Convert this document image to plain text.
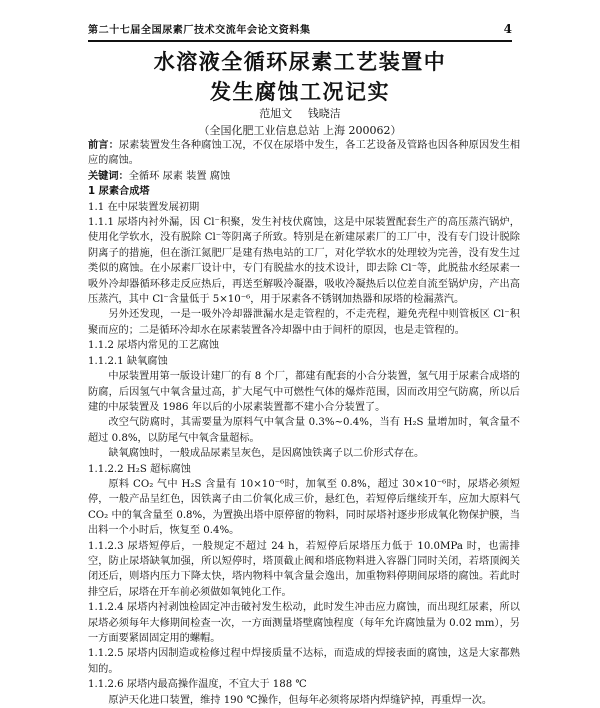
第二十七届全国尿素厂技术交流年会论文资料集	4
水溶液全循环尿素工艺装置中
发生腐蚀工况记实
范旭文 钱晓洁
（全国化肥工业信息总站 上海 200062）

前言：尿素装置发生各种腐蚀工况，不仅在尿塔中发生，各工艺设备及管路也因各种原因发生相应的腐蚀。

关键词：全循环 尿素 装置 腐蚀

1 尿素合成塔

1.1 在中尿装置发展初期

1.1.1 尿塔内衬外漏，因 Cl⁻积聚，发生衬枝伏腐蚀，这是中尿装置配套生产的高压蒸汽锅炉，使用化学软水，没有脱除 Cl⁻等阴离子所致。特别是在新建尿素厂的工厂中，没有专门设计脱除阴离子的措施，但在浙江氮肥厂是建有热电站的工厂，对化学软水的处理较为完善，没有发生过类似的腐蚀。在小尿素厂设计中，专门有脱盐水的技术设计，即去除 Cl⁻等，此脱盐水经尿素一吸外冷却器循环移走反应热后，再送至解吸冷凝器，吸收冷凝热后以位差自流至锅炉房，产出高压蒸汽，其中 Cl⁻含量低于 5×10⁻⁶，用于尿素各不锈钢加热器和尿塔的检漏蒸汽。

另外还发现，一是一吸外冷却器泄漏水是走管程的，不走壳程，避免壳程中则管板区 Cl⁻积聚而应的；二是循环冷却水在尿素装置各冷却器中由于间杆的原因，也是走管程的。

1.1.2 尿塔内常见的工艺腐蚀

1.1.2.1 缺氧腐蚀

中尿装置用第一版设计建厂的有 8 个厂，都建有配套的小合分装置，氢气用于尿素合成塔的防腐，后因氢气中氧含量过高，扩大尾气中可燃性气体的爆炸范围，因而改用空气防腐，所以后建的中尿装置及 1986 年以后的小尿素装置都不建小合分装置了。

改空气防腐时，其需要量为原料气中氧含量 0.3%~0.4%，当有 H₂S 量增加时，氧含量不超过 0.8%，以防尾气中氧含量超标。

缺氧腐蚀时，一般成品尿素呈灰色，是因腐蚀铁离子以二价形式存在。

1.1.2.2 H₂S 超标腐蚀

原料 CO₂ 气中 H₂S 含量有 10×10⁻⁶时，加氧至 0.8%，超过 30×10⁻⁶时，尿塔必须短停，一般产品呈红色，因铁离子由二价氧化成三价，悬红色，若短停后继续开车，应加大原料气 CO₂ 中的氧含量至 0.8%，为置换出塔中原停留的物料，同时尿塔衬逐步形成氧化物保护膜，当出料一个小时后，恢复至 0.4%。

1.1.2.3 尿塔短停后，一般规定不超过 24 h，若短停后尿塔压力低于 10.0MPa 时，也需排空，防止尿塔缺氧加强，所以短停时，塔顶截止阀和塔底物料进入容器门同时关闭，若塔顶阀关闭还后，则塔内压力下降太快，塔内物料中氧含量会逸出，加重物料停期间尿塔的腐蚀。若此时排空后，尿塔在开车前必须做如氧钝化工作。

1.1.2.4 尿塔内衬剥蚀检固定冲击破衬发生松动，此时发生冲击应力腐蚀，而出现红尿素，所以尿塔必须每年大修期间检查一次，一方面测量塔壁腐蚀程度（每年允许腐蚀量为 0.02 mm），另一方面要紧固固定用的螺帽。

1.1.2.5 尿塔内因制造或检修过程中焊接质量不达标，而造成的焊接表面的腐蚀，这是大家都熟知的。

1.1.2.6 尿塔内最高操作温度，不宜大于 188 ℃

原泸天化进口装置，维持 190 ℃操作，但每年必须将尿塔内焊缝铲掉，再重焊一次。
